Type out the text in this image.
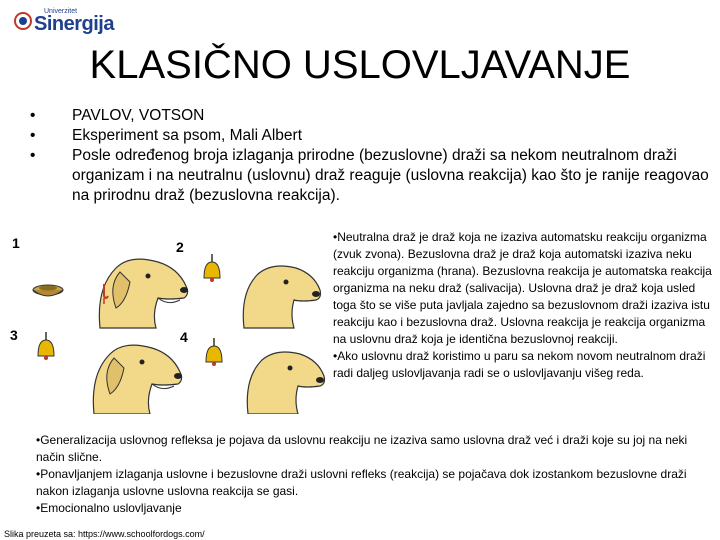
Univerzitet
Sinergija
KLASIČNO USLOVLJAVANJE
• PAVLOV, VOTSON
• Eksperiment sa psom, Mali Albert
• Posle određenog broja izlaganja prirodne (bezuslovne) draži sa nekom neutralnom draži organizam i na neutralnu (uslovnu) draž reaguje (uslovna reakcija) kao što je ranije reagovao na prirodnu draž (bezuslovna reakcija).
1	2
3	4

•Neutralna draž je draž koja ne izaziva automatsku reakciju organizma (zvuk zvona). Bezuslovna draž je draž koja automatski izaziva neku reakciju organizma (hrana). Bezuslovna reakcija je automatska reakcija organizma na neku draž (salivacija). Uslovna draž je draž koja usled toga što se više puta javljala zajedno sa bezuslovnom draži izaziva istu reakciju kao i bezuslovna draž. Uslovna reakcija je reakcija organizma na uslovnu draž koja je identična bezuslovnoj reakciji.

•Ako uslovnu draž koristimo u paru sa nekom novom neutralnom draži radi daljeg uslovljavanja radi se o uslovljavanju višeg reda.

•Generalizacija uslovnog refleksa je pojava da uslovnu reakciju ne izaziva samo uslovna draž već i draži koje su joj na neki način slične.

•Ponavljanjem izlaganja uslovne i bezuslovne draži uslovni refleks (reakcija) se pojačava dok izostankom bezuslovne draži nakon izlaganja uslovne uslovna reakcija se gasi.

•Emocionalno uslovljavanje

Slika preuzeta sa: https://www.schoolfordogs.com/
